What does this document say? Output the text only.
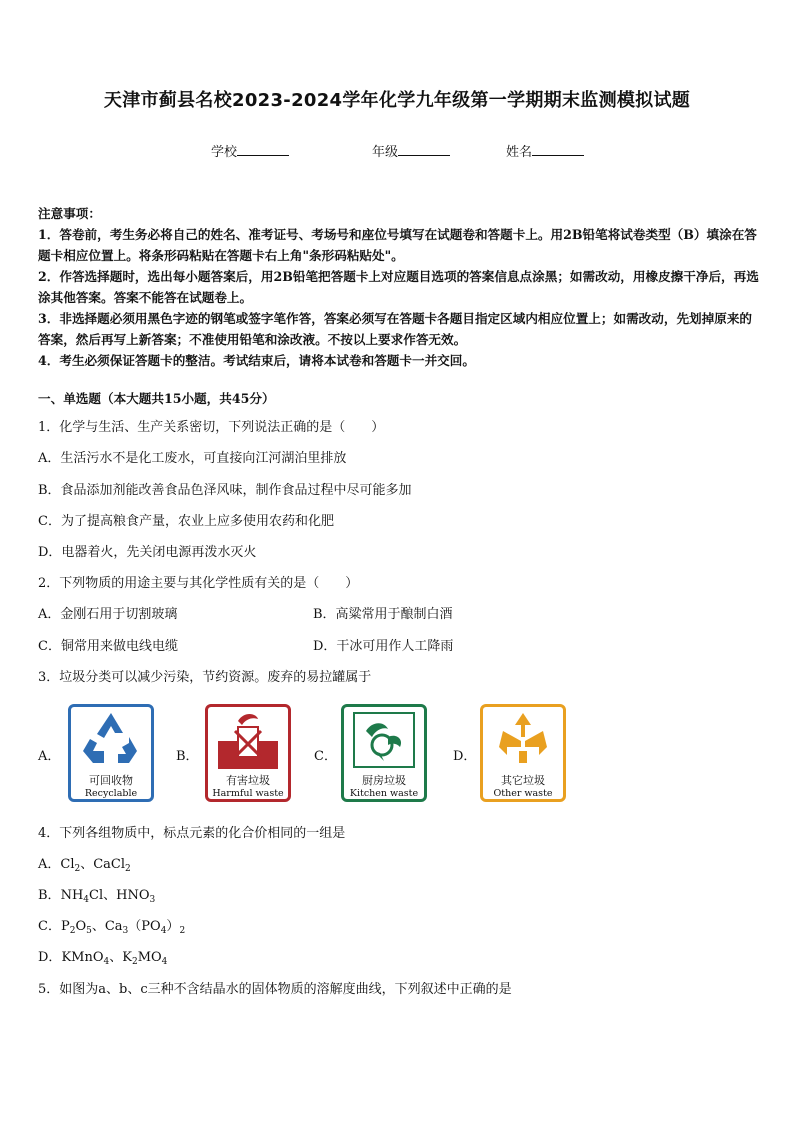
天津市蓟县名校2023-2024学年化学九年级第一学期期末监测模拟试题
学校	年级	姓名

注意事项：

1．答卷前，考生务必将自己的姓名、准考证号、考场号和座位号填写在试题卷和答题卡上。用2B铅笔将试卷类型（B）填涂在答题卡相应位置上。将条形码粘贴在答题卡右上角"条形码粘贴处"。

2．作答选择题时，选出每小题答案后，用2B铅笔把答题卡上对应题目选项的答案信息点涂黑；如需改动，用橡皮擦干净后，再选涂其他答案。答案不能答在试题卷上。

3．非选择题必须用黑色字迹的钢笔或签字笔作答，答案必须写在答题卡各题目指定区域内相应位置上；如需改动，先划掉原来的答案，然后再写上新答案；不准使用铅笔和涂改液。不按以上要求作答无效。

4．考生必须保证答题卡的整洁。考试结束后，请将本试卷和答题卡一并交回。

一、单选题（本大题共15小题，共45分）
1．化学与生活、生产关系密切，下列说法正确的是（　　）
A．生活污水不是化工废水，可直接向江河湖泊里排放
B．食品添加剂能改善食品色泽风味，制作食品过程中尽可能多加
C．为了提高粮食产量，农业上应多使用农药和化肥
D．电器着火，先关闭电源再泼水灭火
2．下列物质的用途主要与其化学性质有关的是（　　）
A．金刚石用于切割玻璃	B．高粱常用于酿制白酒
C．铜常用来做电线电缆	D．干冰可用作人工降雨
3．垃圾分类可以减少污染，节约资源。废弃的易拉罐属于
A．
可回收物
Recyclable
B．
有害垃圾
Harmful waste
C．
厨房垃圾
Kitchen waste
D．
其它垃圾
Other waste
4．下列各组物质中，标点元素的化合价相同的一组是
A．$Cl_2$、CaCl$_2$
B．$NH_4Cl$、$HNO_3$
C．$P_2O_5$、$Ca_3(PO_4)_2$
D．KMnO$_4$、$K_2MO_4$
5．如图为a、b、c三种不含结晶水的固体物质的溶解度曲线，下列叙述中正确的是
